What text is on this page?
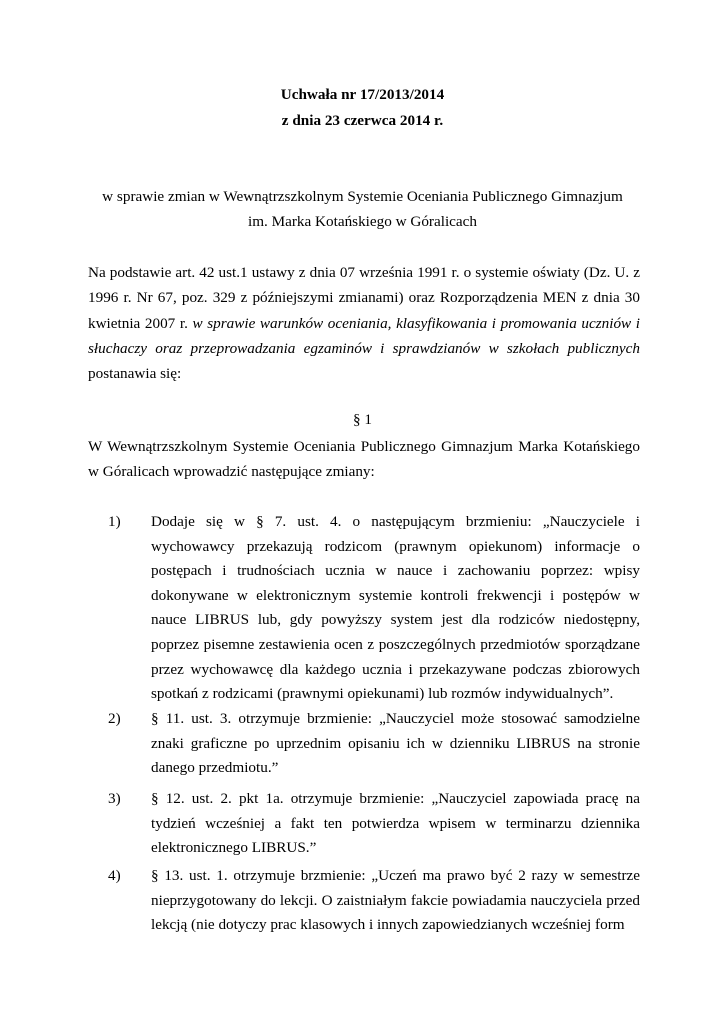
Uchwała nr 17/2013/2014
z dnia 23 czerwca 2014 r.
w sprawie zmian w Wewnątrzszkolnym Systemie Oceniania Publicznego Gimnazjum
im. Marka Kotańskiego w Góralicach
Na podstawie art. 42 ust.1 ustawy z dnia 07 września 1991 r. o systemie oświaty (Dz. U. z 1996 r. Nr 67, poz. 329 z późniejszymi zmianami) oraz Rozporządzenia MEN z dnia 30 kwietnia 2007 r. w sprawie warunków oceniania, klasyfikowania i promowania uczniów i słuchaczy oraz przeprowadzania egzaminów i sprawdzianów w szkołach publicznych postanawia się:
§ 1
W Wewnątrzszkolnym Systemie Oceniania Publicznego Gimnazjum Marka Kotańskiego w Góralicach wprowadzić następujące zmiany:
1)	Dodaje się w § 7. ust. 4. o następującym brzmieniu: „Nauczyciele i wychowawcy przekazują rodzicom (prawnym opiekunom) informacje o postępach i trudnościach ucznia w nauce i zachowaniu poprzez: wpisy dokonywane w elektronicznym systemie kontroli frekwencji i postępów w nauce LIBRUS lub, gdy powyższy system jest dla rodziców niedostępny, poprzez pisemne zestawienia ocen z poszczególnych przedmiotów sporządzane przez wychowawcę dla każdego ucznia i przekazywane podczas zbiorowych spotkań z rodzicami (prawnymi opiekunami) lub rozmów indywidualnych”.
2)	§ 11. ust. 3. otrzymuje brzmienie: „Nauczyciel może stosować samodzielne znaki graficzne po uprzednim opisaniu ich w dzienniku LIBRUS na stronie danego przedmiotu.”
3)	§ 12. ust. 2. pkt 1a. otrzymuje brzmienie: „Nauczyciel zapowiada pracę na tydzień wcześniej a fakt ten potwierdza wpisem w terminarzu dziennika elektronicznego LIBRUS.”
4)	§ 13. ust. 1. otrzymuje brzmienie: „Uczeń ma prawo być 2 razy w semestrze nieprzygotowany do lekcji. O zaistniałym fakcie powiadamia nauczyciela przed lekcją (nie dotyczy prac klasowych i innych zapowiedzianych wcześniej form
